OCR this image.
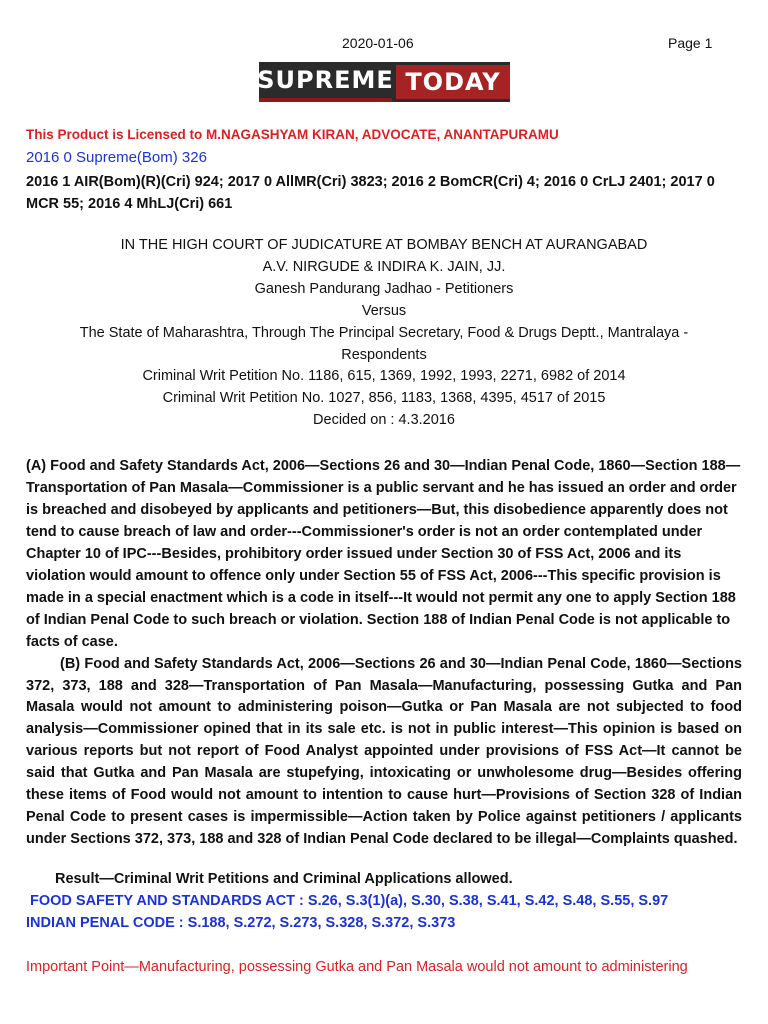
2020-01-06	Page 1
SUPREME TODAY
This Product is Licensed to M.NAGASHYAM KIRAN, ADVOCATE, ANANTAPURAMU
2016 0 Supreme(Bom) 326
2016 1 AIR(Bom)(R)(Cri) 924; 2017 0 AllMR(Cri) 3823; 2016 2 BomCR(Cri) 4; 2016 0 CrLJ 2401; 2017 0 MCR 55; 2016 4 MhLJ(Cri) 661
IN THE HIGH COURT OF JUDICATURE AT BOMBAY BENCH AT AURANGABAD
A.V. NIRGUDE & INDIRA K. JAIN, JJ.
Ganesh Pandurang Jadhao - Petitioners
Versus
The State of Maharashtra, Through The Principal Secretary, Food & Drugs Deptt., Mantralaya -
Respondents
Criminal Writ Petition No. 1186, 615, 1369, 1992, 1993, 2271, 6982 of 2014
Criminal Writ Petition No. 1027, 856, 1183, 1368, 4395, 4517 of 2015
Decided on : 4.3.2016

(A) Food and Safety Standards Act, 2006—Sections 26 and 30—Indian Penal Code, 1860—Section 188—Transportation of Pan Masala—Commissioner is a public servant and he has issued an order and order is breached and disobeyed by applicants and petitioners—But, this disobedience apparently does not tend to cause breach of law and order---Commissioner's order is not an order contemplated under Chapter 10 of IPC---Besides, prohibitory order issued under Section 30 of FSS Act, 2006 and its violation would amount to offence only under Section 55 of FSS Act, 2006---This specific provision is made in a special enactment which is a code in itself---It would not permit any one to apply Section 188 of Indian Penal Code to such breach or violation. Section 188 of Indian Penal Code is not applicable to facts of case.

(B) Food and Safety Standards Act, 2006—Sections 26 and 30—Indian Penal Code, 1860—Sections 372, 373, 188 and 328—Transportation of Pan Masala—Manufacturing, possessing Gutka and Pan Masala would not amount to administering poison—Gutka or Pan Masala are not subjected to food analysis—Commissioner opined that in its sale etc. is not in public interest—This opinion is based on various reports but not report of Food Analyst appointed under provisions of FSS Act—It cannot be said that Gutka and Pan Masala are stupefying, intoxicating or unwholesome drug—Besides offering these items of Food would not amount to intention to cause hurt—Provisions of Section 328 of Indian Penal Code to present cases is impermissible—Action taken by Police against petitioners / applicants under Sections 372, 373, 188 and 328 of Indian Penal Code declared to be illegal—Complaints quashed.

Result—Criminal Writ Petitions and Criminal Applications allowed.
FOOD SAFETY AND STANDARDS ACT : S.26, S.3(1)(a), S.30, S.38, S.41, S.42, S.48, S.55, S.97
INDIAN PENAL CODE : S.188, S.272, S.273, S.328, S.372, S.373
Important Point—Manufacturing, possessing Gutka and Pan Masala would not amount to administering
